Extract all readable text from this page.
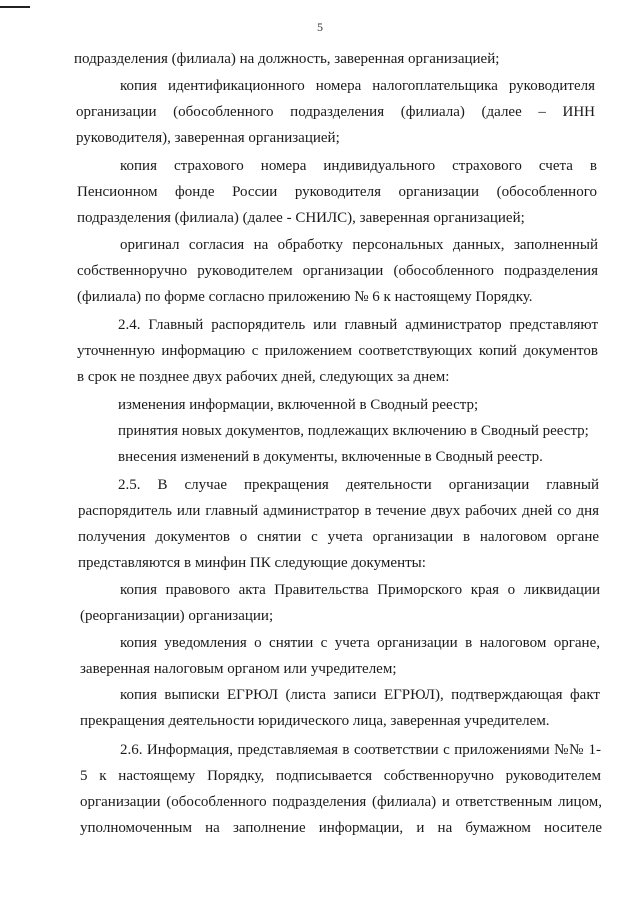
5

подразделения (филиала) на должность, заверенная организацией;

копия идентификационного номера налогоплательщика руководителя

организации (обособленного подразделения (филиала) (далее – ИНН

руководителя), заверенная организацией;

копия страхового номера индивидуального страхового счета в

Пенсионном фонде России руководителя организации (обособленного

подразделения (филиала) (далее - СНИЛС), заверенная организацией;

оригинал согласия на обработку персональных данных, заполненный

собственноручно руководителем организации (обособленного подразделения

(филиала) по форме согласно приложению № 6 к настоящему Порядку.

2.4. Главный распорядитель или главный администратор представляют

уточненную информацию с приложением соответствующих копий документов

в срок не позднее двух рабочих дней, следующих за днем:

изменения информации, включенной в Сводный реестр;

принятия новых документов, подлежащих включению в Сводный реестр;

внесения изменений в документы, включенные в Сводный реестр.

2.5. В случае прекращения деятельности организации главный

распорядитель или главный администратор в течение двух рабочих дней со дня

получения документов о снятии с учета организации в налоговом органе

представляются в минфин ПК следующие документы:

копия правового акта Правительства Приморского края о ликвидации

(реорганизации) организации;

копия уведомления о снятии с учета организации в налоговом органе,

заверенная налоговым органом или учредителем;

копия выписки ЕГРЮЛ (листа записи ЕГРЮЛ), подтверждающая факт

прекращения деятельности юридического лица, заверенная учредителем.

2.6. Информация, представляемая в соответствии с приложениями №№ 1-

5 к настоящему Порядку, подписывается собственноручно руководителем

организации (обособленного подразделения (филиала) и ответственным лицом,

уполномоченным на заполнение информации, и на бумажном носителе
